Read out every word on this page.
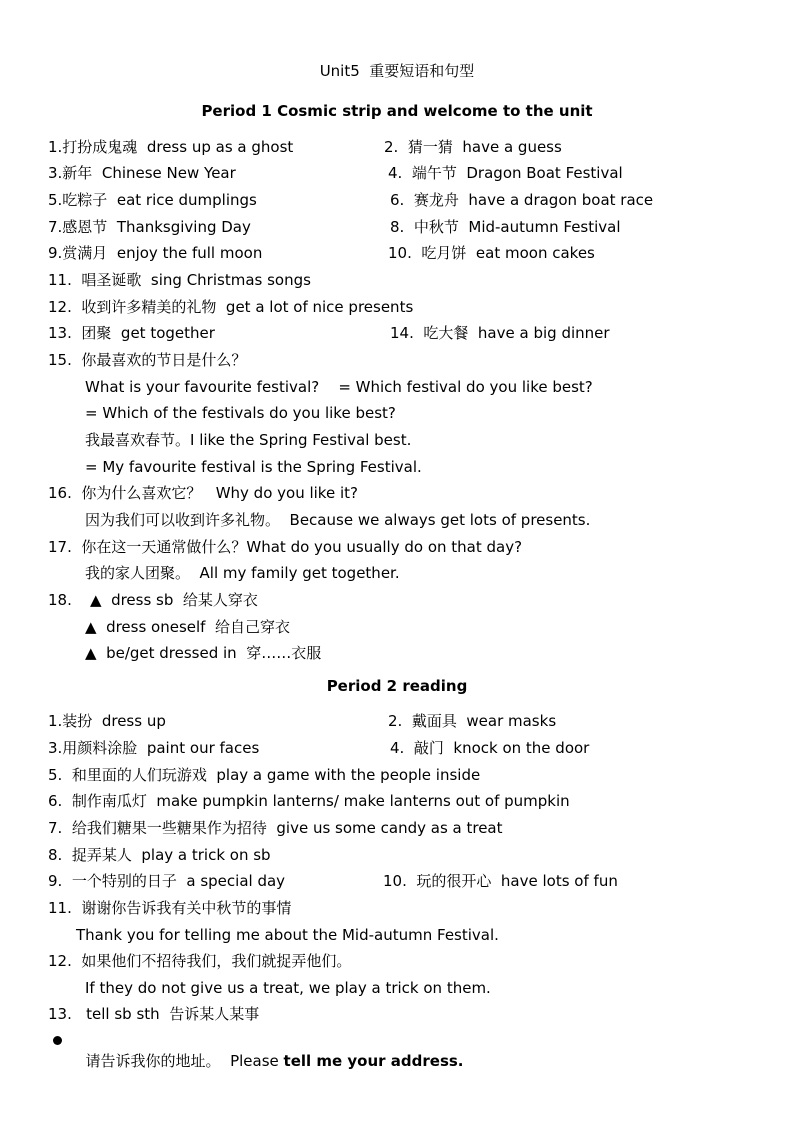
Unit5  重要短语和句型
Period 1 Cosmic strip and welcome to the unit
1.打扮成鬼魂  dress up as a ghost	2.  猜一猜  have a guess
3.新年  Chinese New Year	4.  端午节  Dragon Boat Festival
5.吃粽子  eat rice dumplings	6.  赛龙舟  have a dragon boat race
7.感恩节  Thanksgiving Day	8.  中秋节  Mid-autumn Festival
9.赏满月  enjoy the full moon	10.  吃月饼  eat moon cakes
11.  唱圣诞歌  sing Christmas songs
12.  收到许多精美的礼物  get a lot of nice presents
13.  团聚  get together	14.  吃大餐  have a big dinner
15.  你最喜欢的节日是什么？
What is your favourite festival?    = Which festival do you like best?
= Which of the festivals do you like best?
我最喜欢春节。I like the Spring Festival best.
= My favourite festival is the Spring Festival.
16.  你为什么喜欢它？   Why do you like it?
因为我们可以收到许多礼物。  Because we always get lots of presents.
17.  你在这一天通常做什么？What do you usually do on that day?
我的家人团聚。  All my family get together.
18. ▲  dress sb  给某人穿衣
▲  dress oneself  给自己穿衣
▲  be/get dressed in  穿……衣服
Period 2 reading
1.装扮  dress up	2.  戴面具  wear masks
3.用颜料涂脸  paint our faces	4.  敲门  knock on the door
5.  和里面的人们玩游戏  play a game with the people inside
6.  制作南瓜灯  make pumpkin lanterns/ make lanterns out of pumpkin
7.  给我们糖果一些糖果作为招待  give us some candy as a treat
8.  捉弄某人  play a trick on sb
9.  一个特别的日子  a special day	10.  玩的很开心  have lots of fun
11.  谢谢你告诉我有关中秋节的事情
Thank you for telling me about the Mid-autumn Festival.
12.  如果他们不招待我们，我们就捉弄他们。
If they do not give us a treat, we play a trick on them.
13.   tell sb sth  告诉某人某事

请告诉我你的地址。  Please tell me your address.
